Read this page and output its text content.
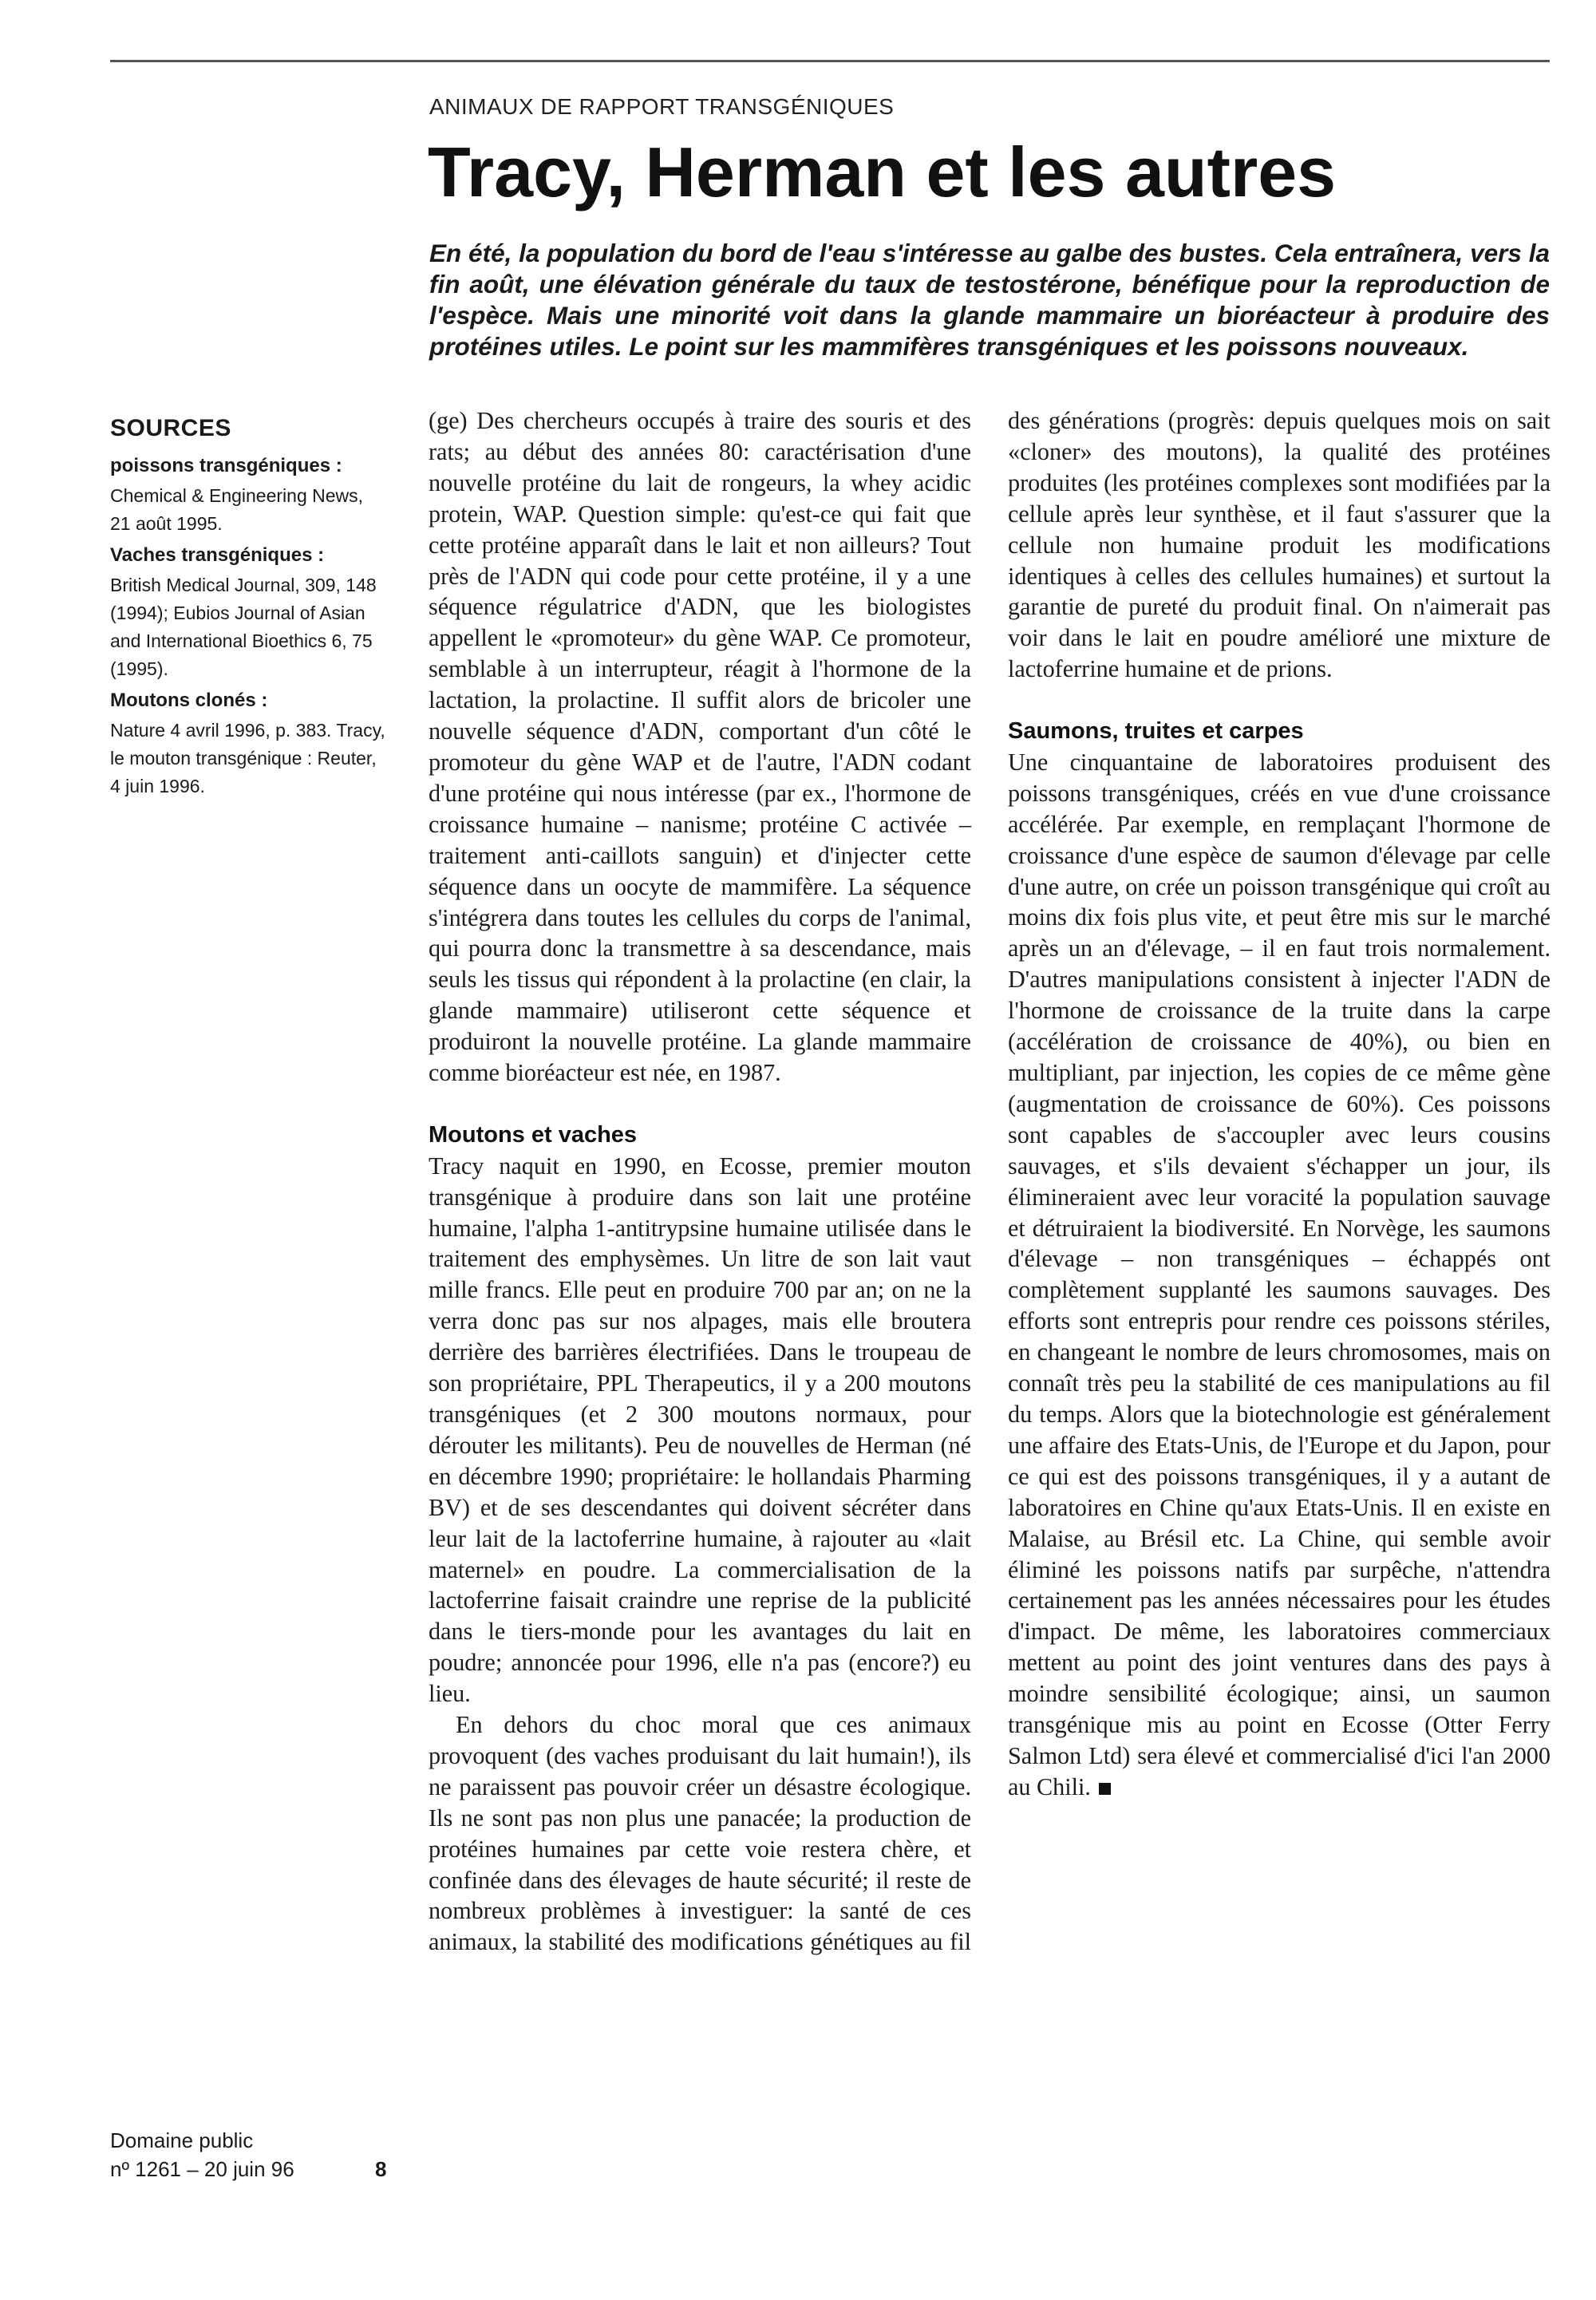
ANIMAUX DE RAPPORT TRANSGÉNIQUES
Tracy, Herman et les autres
En été, la population du bord de l'eau s'intéresse au galbe des bustes. Cela entraînera, vers la fin août, une élévation générale du taux de testostérone, bénéfique pour la reproduction de l'espèce. Mais une minorité voit dans la glande mammaire un bioréacteur à produire des protéines utiles. Le point sur les mammifères transgéniques et les poissons nouveaux.
SOURCES
poissons transgéniques :
Chemical & Engineering News, 21 août 1995.
Vaches transgéniques :
British Medical Journal, 309, 148 (1994); Eubios Journal of Asian and International Bioethics 6, 75 (1995).
Moutons clonés :
Nature 4 avril 1996, p. 383. Tracy, le mouton transgénique : Reuter, 4 juin 1996.
Domaine public
nº 1261 – 20 juin 96	8

(ge) Des chercheurs occupés à traire des souris et des rats; au début des années 80: caractérisation d'une nouvelle protéine du lait de rongeurs, la whey acidic protein, WAP. Question simple: qu'est-ce qui fait que cette protéine apparaît dans le lait et non ailleurs? Tout près de l'ADN qui code pour cette protéine, il y a une séquence régulatrice d'ADN, que les biologistes appellent le «promoteur» du gène WAP. Ce promoteur, semblable à un interrupteur, réagit à l'hormone de la lactation, la prolactine. Il suffit alors de bricoler une nouvelle séquence d'ADN, comportant d'un côté le promoteur du gène WAP et de l'autre, l'ADN codant d'une protéine qui nous intéresse (par ex., l'hormone de croissance humaine – nanisme; protéine C activée – traitement anti-caillots sanguin) et d'injecter cette séquence dans un oocyte de mammifère. La séquence s'intégrera dans toutes les cellules du corps de l'animal, qui pourra donc la transmettre à sa descendance, mais seuls les tissus qui répondent à la prolactine (en clair, la glande mammaire) utiliseront cette séquence et produiront la nouvelle protéine. La glande mammaire comme bioréacteur est née, en 1987.

Moutons et vaches

Tracy naquit en 1990, en Ecosse, premier mouton transgénique à produire dans son lait une protéine humaine, l'alpha 1-antitrypsine humaine utilisée dans le traitement des emphysèmes. Un litre de son lait vaut mille francs. Elle peut en produire 700 par an; on ne la verra donc pas sur nos alpages, mais elle broutera derrière des barrières électrifiées. Dans le troupeau de son propriétaire, PPL Therapeutics, il y a 200 moutons transgéniques (et 2 300 moutons normaux, pour dérouter les militants). Peu de nouvelles de Herman (né en décembre 1990; propriétaire: le hollandais Pharming BV) et de ses descendantes qui doivent sécréter dans leur lait de la lactoferrine humaine, à rajouter au «lait maternel» en poudre. La commercialisation de la lactoferrine faisait craindre une reprise de la publicité dans le tiers-monde pour les avantages du lait en poudre; annoncée pour 1996, elle n'a pas (encore?) eu lieu.

En dehors du choc moral que ces animaux provoquent (des vaches produisant du lait humain!), ils ne paraissent pas pouvoir créer un désastre écologique. Ils ne sont pas non plus une panacée; la production de protéines humaines par cette voie restera chère, et confinée dans des élevages de haute sécurité; il reste de nombreux problèmes à investiguer: la santé de ces animaux, la stabilité des modifications génétiques au fil

des générations (progrès: depuis quelques mois on sait «cloner» des moutons), la qualité des protéines produites (les protéines complexes sont modifiées par la cellule après leur synthèse, et il faut s'assurer que la cellule non humaine produit les modifications identiques à celles des cellules humaines) et surtout la garantie de pureté du produit final. On n'aimerait pas voir dans le lait en poudre amélioré une mixture de lactoferrine humaine et de prions.

Saumons, truites et carpes

Une cinquantaine de laboratoires produisent des poissons transgéniques, créés en vue d'une croissance accélérée. Par exemple, en remplaçant l'hormone de croissance d'une espèce de saumon d'élevage par celle d'une autre, on crée un poisson transgénique qui croît au moins dix fois plus vite, et peut être mis sur le marché après un an d'élevage, – il en faut trois normalement. D'autres manipulations consistent à injecter l'ADN de l'hormone de croissance de la truite dans la carpe (accélération de croissance de 40%), ou bien en multipliant, par injection, les copies de ce même gène (augmentation de croissance de 60%). Ces poissons sont capables de s'accoupler avec leurs cousins sauvages, et s'ils devaient s'échapper un jour, ils élimineraient avec leur voracité la population sauvage et détruiraient la biodiversité. En Norvège, les saumons d'élevage – non transgéniques – échappés ont complètement supplanté les saumons sauvages. Des efforts sont entrepris pour rendre ces poissons stériles, en changeant le nombre de leurs chromosomes, mais on connaît très peu la stabilité de ces manipulations au fil du temps. Alors que la biotechnologie est généralement une affaire des Etats-Unis, de l'Europe et du Japon, pour ce qui est des poissons transgéniques, il y a autant de laboratoires en Chine qu'aux Etats-Unis. Il en existe en Malaise, au Brésil etc. La Chine, qui semble avoir éliminé les poissons natifs par surpêche, n'attendra certainement pas les années nécessaires pour les études d'impact. De même, les laboratoires commerciaux mettent au point des joint ventures dans des pays à moindre sensibilité écologique; ainsi, un saumon transgénique mis au point en Ecosse (Otter Ferry Salmon Ltd) sera élevé et commercialisé d'ici l'an 2000 au Chili.
